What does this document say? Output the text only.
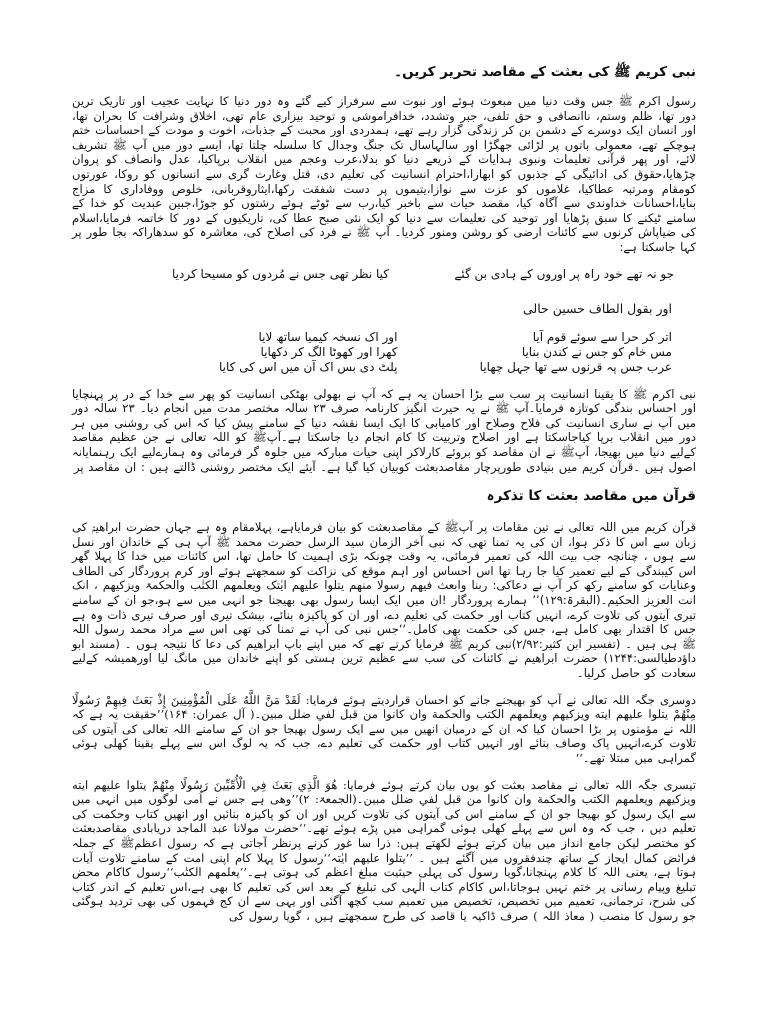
نبی کریم ﷺ کی بعثت کے مقاصد تحریر کریں۔

رسول اکرم ﷺ جس وقت دنیا میں مبعوث ہوئے اور نبوت سے سرفراز کیے گئے وہ دور دنیا کا نہایت عجیب اور تاریک ترین دور تھا، ظلم وستم، ناانصافی و حق تلفی، جبر وتشدد، خدافراموشی و توحید بیزاری عام تھی، اخلاق وشرافت کا بحران تھا، اور انسان ایک دوسرے کے دشمن بن کر زندگی گزار رہے تھے، ہمدردی اور محبت کے جذبات، اخوت و مودت کے احساسات ختم ہوچکے تھے، معمولی باتوں پر لڑائی جھگڑا اور سالہاسال تک جنگ وجدال کا سلسلہ چلتا تھا، ایسے دور میں آپ ﷺ تشریف لائے، اور پھر قرآنی تعلیمات ونبوی ہدایات کے ذریعے دنیا کو بدلا،عرب وعجم میں انقلاب برپاکیا، عدل وانصاف کو پروان چڑھایا،حقوق کی ادائیگی کے جذبوں کو ابھارا،احترام انسانیت کی تعلیم دی، قتل وغارت گری سے انسانوں کو روکا، عورتوں کومقام ومرتبہ عطاکیا، غلاموں کو عزت سے نوازا،یتیموں پر دست شفقت رکھا،ایثاروقربانی، خلوص ووفاداری کا مزاج بنایا،احسانات خداوندی سے آگاہ کیا، مقصد حیات سے باخبر کیا،رب سے ٹوٹے ہوئے رشتوں کو جوڑا،جبین عبدیت کو خدا کے سامنے ٹیکنے کا سبق پڑھایا اور توحید کی تعلیمات سے دنیا کو ایک نئی صبح عطا کی، تاریکیوں کے دور کا خاتمہ فرمایا،اسلام کی ضیاپاش کرنوں سے کائنات ارضی کو روشن ومنور کردیا۔ آپ ﷺ نے فرد کی اصلاح کی، معاشرہ کو سدھاراکہ بجا طور پر کہا جاسکتا ہے:

جو نہ تھے خود راہ پر اوروں کے ہادی بن گئے
کیا نظر تھی جس نے مُردوں کو مسیحا کردیا

اور بقول الطاف حسین حالی

اتر کر حرا سے سوئے قوم آیا
اور اک نسخہ کیمیا ساتھ لایا
مس خام کو جس نے کندن بنایا
کھرا اور کھوٹا الگ کر دکھایا
عرب جس پہ قرنوں سے تھا جہل چھایا
پلٹ دی بس اک آن میں اس کی کایا

نبی اکرم ﷺ کا یقینا انسانیت پر سب سے بڑا احسان یہ ہے کہ آپ نے بھولی بھٹکی انسانیت کو پھر سے خدا کے در پر پہنچایا اور احساس بندگی کوتازہ فرمایا۔آپ ﷺ نے یہ حیرت انگیز کارنامہ صرف ۲۳ سالہ مختصر مدت میں انجام دیا۔ ۲۳ سالہ دور میں آپ نے ساری انسانیت کی فلاح وصلاح اور کامیابی کا ایک ایسا نقشہ دنیا کے سامنے پیش کیا کہ اس کی روشنی میں ہر دور میں انقلاب برپا کیاجاسکتا ہے اور اصلاح وتربیت کا کام انجام دیا جاسکتا ہے۔آپﷺ کو اللہ تعالی نے جن عظیم مقاصد کےلیے دنیا میں بھیجا، آپﷺ نے ان مقاصد کو بروئے کارلاکر اپنی حیات مبارکہ میں جلوہ گر فرمائی وہ ہمارےلیے ایک رہنمایانہ اصول ہیں ۔قرآن کریم میں بنیادی طورپرچار مقاصدبعثت کوبیان کیا گیا ہے۔ آیئے ایک مختصر روشنی ڈالتے ہیں : ان مقاصد پر

قرآن میں مقاصد بعثت کا تذکرہ

قرآن کریم میں اللہ تعالی نے تین مقامات پر آپﷺ کے مقاصدبعثت کو بیان فرمایاہے، پہلامقام وہ ہے جہاں حضرت ابراھیمؑ کی زبان سے اس کا ذکر ہوا، ان کی یہ تمنا تھی کہ نبی آخر الزمان سید الرسل حضرت محمد ﷺ آپ ہی کے خاندان اور نسل سے ہوں ، چنانچہ جب بیت اللہ کی تعمیر فرمائی، یہ وقت چونکہ بڑی اہمیت کا حامل تھا، اس کائنات میں خدا کا پہلا گھر اس کیبندگی کے لیے تعمیر کیا جا رہا تھا اس احساس اور اہم موقع کی نزاکت کو سمجھتے ہوئے اور کرم پروردگار کی الطاف وعنایات کو سامنے رکھ کر آپ نے دعاکی: ربنا وابعث فیھم رسولا منھم یتلوا علیھم ایٰتک ویعلمھم الکتٰب والحکمۃ ویزکیھم ، انک انت العزیز الحکیم۔(البقرۃ:۱۲۹)’’ ہمارے پروردگار !ان میں ایک ایسا رسول بھی بھیجنا جو انہی میں سے ہو،جو ان کے سامنے تیری آیتوں کی تلاوت کرے، انہیں کتاب اور حکمت کی تعلیم دے، اور ان کو پاکیزہ بنائے، بیشک تیری اور صرف تیری ذات وہ ہے جس کا اقتدار بھی کامل ہے، جس کی حکمت بھی کامل۔‘‘جس نبی کی آپ نے تمنا کی تھی اس سے مراد محمد رسول اللہ ﷺ ہی ہیں ۔ (تفسیر ابن کثیر:۲/۹۲)نبی کریم ﷺ فرمایا کرتے تھے کہ میں اپنے باپ ابراھیم کی دعا کا نتیجہ ہوں ۔ (مسند ابو داؤدطیالسی:۱۲۴۴) حضرت ابراھیم نے کائنات کی سب سے عظیم ترین ہستی کو اپنے خاندان میں مانگ لیا اورھمیشہ کےلیے سعادت کو حاصل کرلیا۔

دوسری جگہ اللہ تعالی نے آپ کو بھیجنے جانے کو احسان قراردیتے ہوئے فرمایا: لَقَدْ مَنَّ اللَّهُ عَلَى الْمُؤْمِنِينَ إِذْ بَعَثَ فِيهِمْ رَسُولًا مِنْهُمْ يتلوا عليهم ايته ويزكيهم ويعلمهم الكتب والحكمة وان كانوا من قبل لفي ضلل مبين۔( آل عمران: ۱۶۴)’’حقیقت یہ ہے کہ اللہ نے مؤمنوں پر بڑا احسان کیا کہ ان کے درمیان انھیں میں سے ایک رسول بھیجا جو ان کے سامنے اللہ تعالی کی آیتوں کی تلاوت کرے،انہیں پاک وصاف بنائے اور انہیں کتاب اور حکمت کی تعلیم دے، جب کہ یہ لوگ اس سے پہلے یقینا کھلی ہوئی گمراہی میں مبتلا تھے۔‘‘

تیسری جگہ اللہ تعالی نے مقاصد بعثت کو یوں بیان کرتے ہوئے فرمایا: هُوَ الَّذِي بَعَثَ فِي الْأُمِّيِّينَ رَسُولًا مِنْهُمْ يتلوا عليهم ايته ويزكيهم ويعلمهم الكتب والحكمة وان كانوا من قبل لفي ضلل مبين۔(الجمعۃ: ۲)’’وهی ہے جس نے اُمی لوگوں میں انہی میں سے ایک رسول کو بھیجا جو ان کے سامنے اس کی آیتوں کی تلاوت کریں اور ان کو پاکیزہ بنائیں اور انھیں کتاب وحکمت کی تعلیم دیں ، جب کہ وہ اس سے پہلے کھلی ہوئی گمراہی میں پڑے ہوئے تھے۔‘‘حضرت مولانا عبد الماجد دریابادی مقاصدبعثت کو مختصر لیکن جامع انداز میں بیان کرتے ہوئے لکھتے ہیں: ذرا سا غور کرنے پرنظر آجاتی ہے کہ رسول اعظمﷺ کے جملہ فرائض کمال ایجاز کے ساتھ چندفقروں میں آگئے ہیں ۔ ’’یتلوا علیھم ایٰتہ‘‘رسول کا پہلا کام اپنی امت کے سامنے تلاوت آیات ہوتا ہے، یعنی اللہ کا کلام پہنچانا،گویا رسول کی پہلی حیثیت مبلغ اعظم کی ہوتی ہے۔’’یعلمھم الکتٰب‘‘رسول کاکام محض تبلیغ وپیام رسانی پر ختم نہیں ہوجاتا،اس کاکام کتاب الٰہی کی تبلیغ کے بعد اس کی تعلیم کا بھی ہے،اس تعلیم کے اندر کتاب کی شرح، ترجمانی، تعمیم میں تخصیص، تخصیص میں تعمیم سب کچھ آگئی اور یہی سے ان کج فہموں کی بھی تردید ہوگئی جو رسول کا منصب ( معاذ اللہ ) صرف ڈاکیہ یا قاصد کی طرح سمجھتے ہیں ، گویا رسول کی
